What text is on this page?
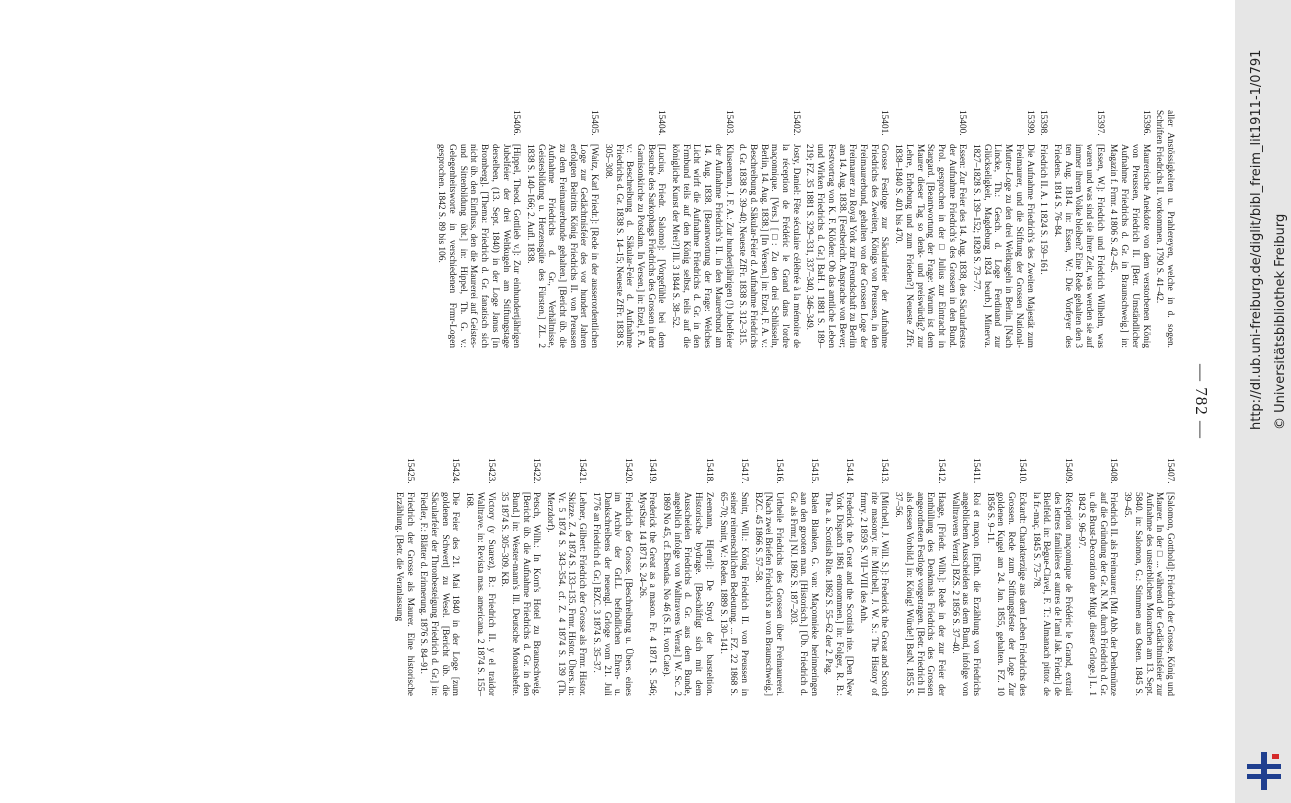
— 782 —
aller Anstössigkeiten u. Prahlereyen, welche in d. sogen. Schriften Friedrichs II. vorkommen. 1790 S. 41–42.
15396.
Maurerische Anekdote von dem verstorbenen König von Preussen, Friedrich II. [Betr. Umständlicher Aufnahme Friedrichs d. Gr. in Braunschweig.] in: Magazin f. Frmr. 4 1806 S. 42–45.
15397.
[Essen, W.]: Friedrich und Friedrich Wilhelm, was waren und was sind sie ihrer Zeit, was werden sie auf immer ihrem Volke bleiben? Eine Rede gehalten den 3 ten Aug. 1814. in: Essen, W.: Die Vorfeyer des Friedens. 1814 S. 76–84.
15398.
Friedrich II. A. 1 1824 S. 159–161.
15399.
Die Aufnahme Friedrich's des Zweiten Majestät zum Freimaurer, und die Stiftung der Grossen National-Mutter-Loge zu den drei Weltkugeln in Berlin. [Nach Lincke, Th.: Gesch. d. Loge Ferdinand zur Glückseligkeit, Magdeburg 1824 beurb.] Minerva. 1827–1828 S. 139–152; 1828 S. 73–77.
15400.
Essen: Zur Feier des 14. Aug. 1838, des Säcularfestes der Aufnahme Friedrich's des Grossen in den Bund. Prol. gesprochen in der □ Julius zur Eintracht in Stargard. [Beantwortung der Frage: Warum ist dem Maurer dieser Tag so denk- und preiswürdig? zur Lehre, Erhebung und zum Frieden?] Neueste ZfFr. 1838–1840 S. 401 bis 470.
15401.
Grosse Festloge zur Säcularfeier der Aufnahme Friedrichs des Zweiten, Königs von Preussen, in den Freimaurerbund, gehalten von der Grossen Loge der Freimaurer zu Royal York zur Freundschaft zu Berlin am 14. Aug. 1838. [Festbericht. Ansprache von Bever; Festvortrag von K. F. Klöden: Ob das amtliche Leben und Wirken Friedrichs d. Gr.] BaH. 1 1881 S. 189–219; FZ. 35 1881 S. 329–331, 337–340, 346–349.
15402.
Josty, Daniel: Fête séculaire célébrée à la mémoire de la réception de Frédéric le Grand dans l'ordre maçonnique. [Vers.] [□: Zu den drei Schlüsseln, Berlin, 14. Aug. 1838.] [In Versen.] in: Etzel, F. A. v.: Beschreibung d. Säkular-Feier d. Aufnahme Friedrichs d. Gr. 1838 S. 39–40; Neueste ZfFr. 1838 S. 312–315.
15403.
Klusemann, J. F. A.: Zur hundertjährigen (!) Jubelfeier der Aufnahme Friedrich's II. in den Maurerbund am 14. Aug. 1838. [Beantwortung der Frage: Welches Licht wirft die Aufnahme Friedrichs d. Gr. in den Frmbund teils auf den König selbst, teils auf die königliche Kunst der Mrei?] Ill. 3 1844 S. 38–52.
15404.
[Lucius, Friedr. Salomo]: [Vorgefühle bei dem Besuche des Sarkophags Friedrichs des Grossen in der Garnisonkirche zu Potsdam. In Versen.] in: Etzel, F. A. v.: Beschreibung d. Säkular-Feier d. Aufnahme Friedrichs d. Gr. 1838 S. 14–15; Neueste ZfFr. 1838 S. 305–308.
15405.
[Waitz, Karl Friedr.]: [Rede in der ausserordentlichen Loge zur Gedächtnisfeier des vor hundert Jahren erfolgten Beitritts König Friedrichs II. von Preussen zu dem Freimaurerbunde gehalten.] [Bericht üb. die Aufnahme Friedrichs d. Gr., Verhältnisse, Geistesbildung u. Herzensgüte des Fürsten.] ZL. 2 1838 S. 140–166; 2. Aufl. 1838.
15406.
[Hippel, Theod. Gottlieb v.]: Zur einhundertjährigen Jubelfeier der drei Weltkugeln am Stiftungstage derselben, (13. Sept. 1840) in der Loge Janus [in Bromberg]. [Thema: Friedrich d. Gr. fanatisch sich nicht üb. den Einfluss, den die Maurerei auf Geistes- und Sittenbildung übt.] in: Hippel, Th. G. v.: Gelegenheitsworte in verschiedenen Frmr-Logen gesprochen. 1842 S. 89 bis 106.
15407.
[Salomon, Gotthold]: Friedrich der Grosse, König und Maurer. In der □ ... während der Gedächtnisfeier zur Aufnahme des unsterblichen Monarchen am 13. Sept. 5840. in: Salomon, G.: Stimmen aus Osten. 1845 S. 39–45.
15408.
Friedrich II. als Freimaurer. [Mit Abb. der Denkmünze auf die Gründung der Gr. N. M. durch Friedrich d. Gr. u. die Brust-Decoration der Mitgl. dieser Grloge.] L. 1 1842 S. 96–97.
15409.
Réception maçonnique de Frédéric le Grand, extrait des lettres familières et autres de l'ami Jak. Friedr.] de Bielfeld. in: Bègue-Clavel, F. T.: Almanach pittor. de la fr.-maç. 1845 S. 73–78.
15410.
Eckardt: Charakterzüge aus dem Leben Friedrichs des Grossen. Rede zum Stiftungsfeste der Loge Zur goldenen Kugel am 24. Jan. 1855, gehalten. FZ. 10 1856 S. 9–11.
15411.
Roi et maçon. [Enth. die Erzählung von Friedrichs angeblichem Ausscheiden aus dem Bund, infolge von Walltravens Verrat.] BZS. 2 1856 S. 37–40.
15412.
Haage, [Friedr. Wilh.]: Rede in der zur Feier der Enthüllung des Denkmals Friedrichs des Grossen angeordneten Festloge vorgetragen. [Betr. Friedrich II. als dessen Vorbild.] in: König! Würde!] BstN. 1855 S. 37–56.
15413.
[Mitchell, J. Will. S.]: Frederick the Great and Scotch rite masonry. in: Mitchell, J. W. S.: The History of frmry. 2 1859 S. VII–VIII des Anh.
15414.
Frederick the Great and the Scottish rite. [Den New York Dispatch 1861 entnommen.] in: Folger, R. B.: The a. a. Scottish Rite. 1862 S. 55–62 der 2. Pag.
15415.
Balen Blanken, G. van: Maçonnieke herinneringen aan den grooten man. [Historisch.] [Üb. Friedrich d. Gr. als Frmr.] NJ. 1862 S. 187–203.
15416.
Urtheile Friedrichs des Grossen über Freimaurerei. [Nach zwei Briefen Friedrich's an von Braunschweig.] BZC. 45 1866 S. 57–58.
15417.
Smitt, Will.: König Friedrich II. von Preussen in seiner reimenschlichen Bedeutung. ... FZ. 22 1868 S. 65–70; Smitt, W.: Reden. 1889 S. 130–141.
15418.
Zeemann, H[enri]: De Stryd der barsteltion. Historische bydrage. [Beschäftigt sich mit dem Ausscheiden Friedrichs d. Gr. aus dem Bunde, angeblich infolge von Walltravens Verrat.] W. Sc. 2 1869 No 45, cf. Ebendas. No 46 (S. H. von Cate).
15419.
Frederick the Great as a mason. Fr. 4 1871 S. 546; MystStar. 14 1871 S. 24–26.
15420.
Friedrich der Grosse. [Beschreibung u. Übers. eines im Archiv der GrLL befindlichen Ehren- u. Dankschreibens der neuengl. Grloge vom 21. Juli 1776 an Friedrich d. Gr.] BZC. 3 1874 S. 35–37.
15421.
Lehner, Gilbert: Friedrich der Grosse als Frmr. Histor. Skizze. Z. 4 1874 S. 133–135. Frmr. Histor. Übers. in: Vr. 5 1874 S. 343–354. cf. Z. 4 1874 S. 139 (Th. Merzdorf).
15422.
Petsch, Wilh.: In Korn's Hotel zu Braunschweig. [Bericht üb. die Aufnahme Friedrichs d. Gr. in den Bund.] in: Wester-mann's Ill. Deutsche Monatshefte. 35 1874 S. 305–309. KB.
15423.
Victory (y Suarez), B.: Friedrich II. y el traidor Walltrave. in: Revista mas. americana. 2 1874 S. 155–168.
15424.
Die Feier des 21. Mai 1840 in der Loge [zum goldenen Schwert] zu Wesel. [Bericht üb. die Säcularfeier der Thronbesteigung Friedrich d. Gr.] in: Fiedler, F.: Blätter d. Erinnerung. 1876 S. 84–91.
15425.
Friedrich der Grosse als Maurer. Eine historische Erzählung. [Betr. die Veranlassung
http://dl.ub.uni-freiburg.de/diglit/bibl_freim_lit1911-1/0791 © Universitätsbibliothek Freiburg
